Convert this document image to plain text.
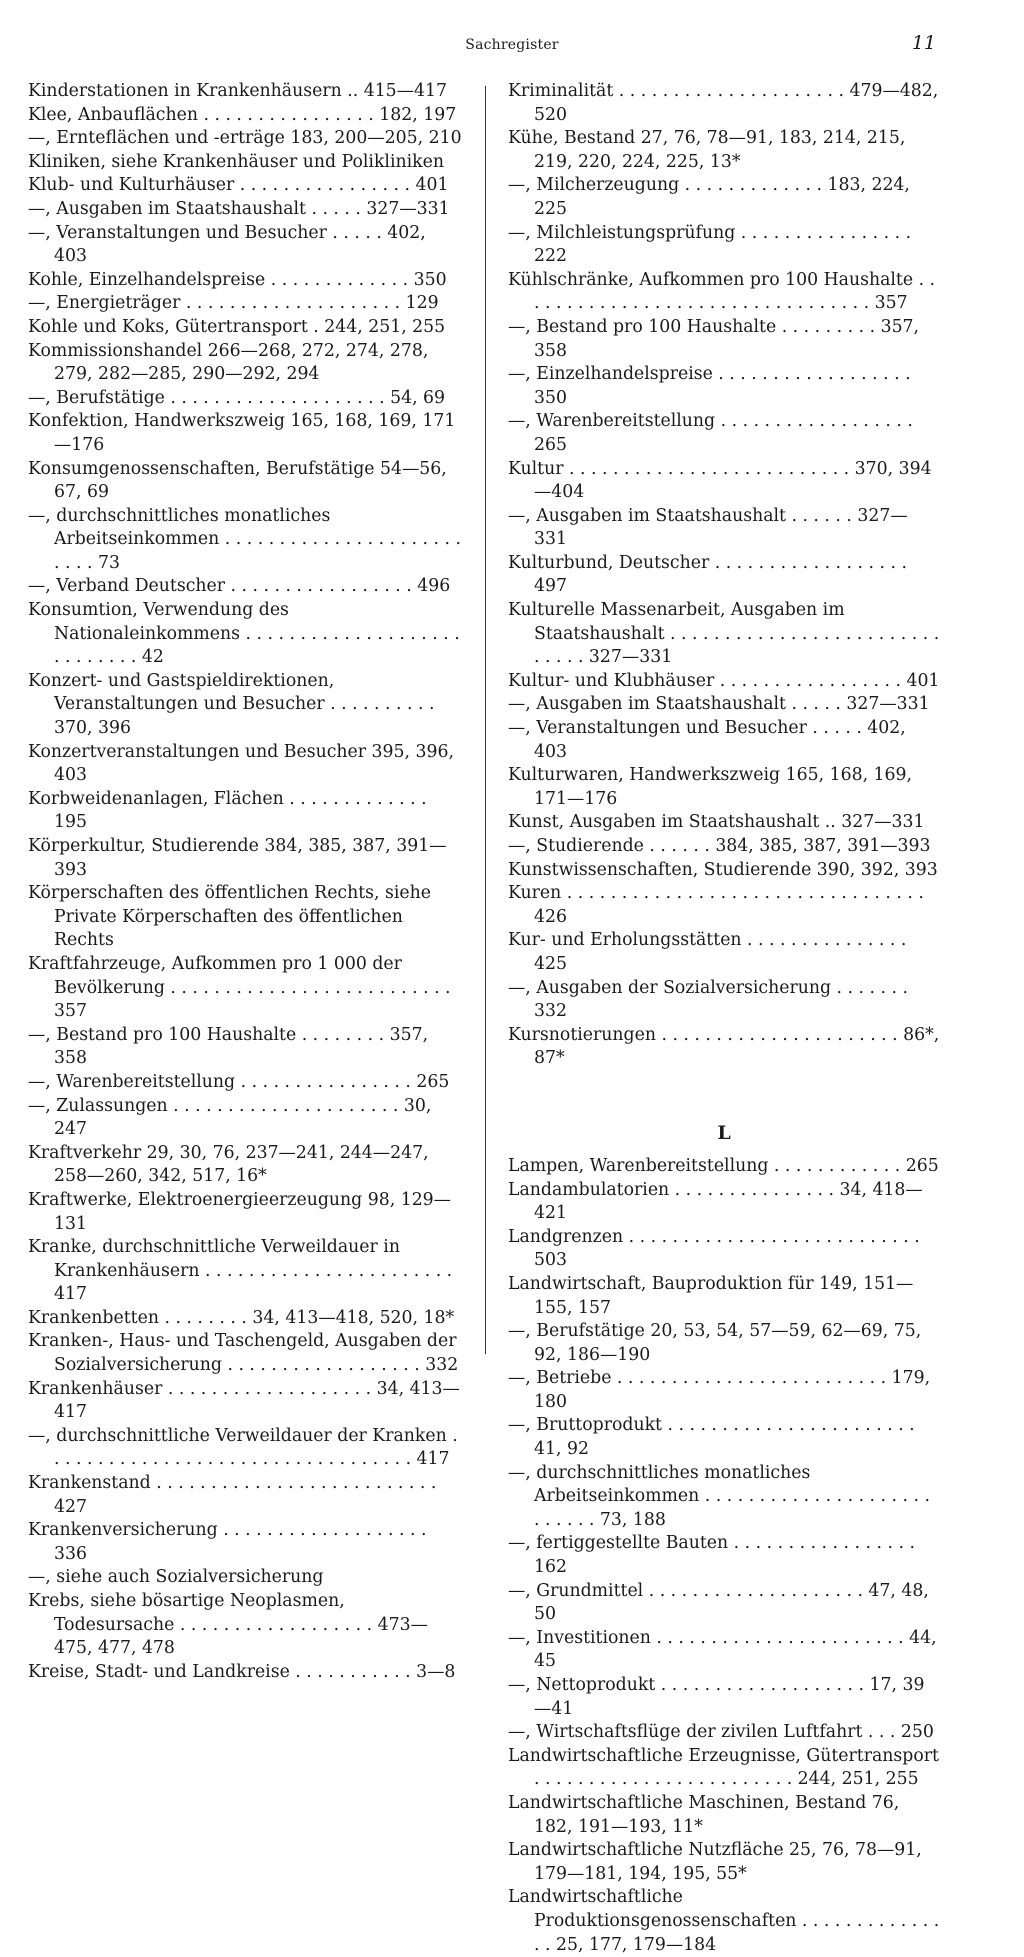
Sachregister	11
Kinderstationen in Krankenhäusern .. 415—417
Klee, Anbauflächen . . . . . . . . . . . . . . . . 182, 197
—, Ernteflächen und -erträge 183, 200—205, 210
Kliniken, siehe Krankenhäuser und Polikliniken
Klub- und Kulturhäuser . . . . . . . . . . . . . . . . 401
—, Ausgaben im Staatshaushalt . . . . . 327—331
—, Veranstaltungen und Besucher . . . . . 402, 403
Kohle, Einzelhandelspreise . . . . . . . . . . . . . 350
—, Energieträger . . . . . . . . . . . . . . . . . . . . 129
Kohle und Koks, Gütertransport . 244, 251, 255
Kommissionshandel 266—268, 272, 274, 278, 279, 282—285, 290—292, 294
—, Berufstätige . . . . . . . . . . . . . . . . . . . . 54, 69
Konfektion, Handwerkszweig 165, 168, 169, 171—176
Konsumgenossenschaften, Berufstätige 54—56, 67, 69
—, durchschnittliches monatliches Arbeitseinkommen . . . . . . . . . . . . . . . . . . . . . . . . . . 73
—, Verband Deutscher . . . . . . . . . . . . . . . . . 496
Konsumtion, Verwendung des Nationaleinkommens . . . . . . . . . . . . . . . . . . . . . . . . . . . . 42
Konzert- und Gastspieldirektionen, Veranstaltungen und Besucher . . . . . . . . . . 370, 396
Konzertveranstaltungen und Besucher 395, 396, 403
Korbweidenanlagen, Flächen . . . . . . . . . . . . . 195
Körperkultur, Studierende 384, 385, 387, 391—393
Körperschaften des öffentlichen Rechts, siehe Private Körperschaften des öffentlichen Rechts
Kraftfahrzeuge, Aufkommen pro 1 000 der Bevölkerung . . . . . . . . . . . . . . . . . . . . . . . . . . 357
—, Bestand pro 100 Haushalte . . . . . . . . 357, 358
—, Warenbereitstellung . . . . . . . . . . . . . . . . 265
—, Zulassungen . . . . . . . . . . . . . . . . . . . . . 30, 247
Kraftverkehr 29, 30, 76, 237—241, 244—247, 258—260, 342, 517, 16*
Kraftwerke, Elektroenergieerzeugung 98, 129—131
Kranke, durchschnittliche Verweildauer in Krankenhäusern . . . . . . . . . . . . . . . . . . . . . . . 417
Krankenbetten . . . . . . . . 34, 413—418, 520, 18*
Kranken-, Haus- und Taschengeld, Ausgaben der Sozialversicherung . . . . . . . . . . . . . . . . . . 332
Krankenhäuser . . . . . . . . . . . . . . . . . . . 34, 413—417
—, durchschnittliche Verweildauer der Kranken . . . . . . . . . . . . . . . . . . . . . . . . . . . . . . . . . . 417
Krankenstand . . . . . . . . . . . . . . . . . . . . . . . . . . 427
Krankenversicherung . . . . . . . . . . . . . . . . . . . 336
—, siehe auch Sozialversicherung
Krebs, siehe bösartige Neoplasmen, Todesursache . . . . . . . . . . . . . . . . . . 473—475, 477, 478
Kreise, Stadt- und Landkreise . . . . . . . . . . . 3—8
Kriminalität . . . . . . . . . . . . . . . . . . . . . 479—482, 520
Kühe, Bestand 27, 76, 78—91, 183, 214, 215, 219, 220, 224, 225, 13*
—, Milcherzeugung . . . . . . . . . . . . . 183, 224, 225
—, Milchleistungsprüfung . . . . . . . . . . . . . . . . 222
Kühlschränke, Aufkommen pro 100 Haushalte . . . . . . . . . . . . . . . . . . . . . . . . . . . . . . . . . 357
—, Bestand pro 100 Haushalte . . . . . . . . . 357, 358
—, Einzelhandelspreise . . . . . . . . . . . . . . . . . . 350
—, Warenbereitstellung . . . . . . . . . . . . . . . . . . 265
Kultur . . . . . . . . . . . . . . . . . . . . . . . . . . 370, 394—404
—, Ausgaben im Staatshaushalt . . . . . . 327—331
Kulturbund, Deutscher . . . . . . . . . . . . . . . . . . 497
Kulturelle Massenarbeit, Ausgaben im Staatshaushalt . . . . . . . . . . . . . . . . . . . . . . . . . . . . . . 327—331
Kultur- und Klubhäuser . . . . . . . . . . . . . . . . . 401
—, Ausgaben im Staatshaushalt . . . . . 327—331
—, Veranstaltungen und Besucher . . . . . 402, 403
Kulturwaren, Handwerkszweig 165, 168, 169, 171—176
Kunst, Ausgaben im Staatshaushalt .. 327—331
—, Studierende . . . . . . 384, 385, 387, 391—393
Kunstwissenschaften, Studierende 390, 392, 393
Kuren . . . . . . . . . . . . . . . . . . . . . . . . . . . . . . . . . 426
Kur- und Erholungsstätten . . . . . . . . . . . . . . . 425
—, Ausgaben der Sozialversicherung . . . . . . . 332
Kursnotierungen . . . . . . . . . . . . . . . . . . . . . . 86*, 87*
L
Lampen, Warenbereitstellung . . . . . . . . . . . . 265
Landambulatorien . . . . . . . . . . . . . . . 34, 418—421
Landgrenzen . . . . . . . . . . . . . . . . . . . . . . . . . . . 503
Landwirtschaft, Bauproduktion für 149, 151—155, 157
—, Berufstätige 20, 53, 54, 57—59, 62—69, 75, 92, 186—190
—, Betriebe . . . . . . . . . . . . . . . . . . . . . . . . . 179, 180
—, Bruttoprodukt . . . . . . . . . . . . . . . . . . . . . . . 41, 92
—, durchschnittliches monatliches Arbeitseinkommen . . . . . . . . . . . . . . . . . . . . . . . . . . . 73, 188
—, fertiggestellte Bauten . . . . . . . . . . . . . . . . . 162
—, Grundmittel . . . . . . . . . . . . . . . . . . . . 47, 48, 50
—, Investitionen . . . . . . . . . . . . . . . . . . . . . . . 44, 45
—, Nettoprodukt . . . . . . . . . . . . . . . . . . . 17, 39—41
—, Wirtschaftsflüge der zivilen Luftfahrt . . . 250
Landwirtschaftliche Erzeugnisse, Gütertransport . . . . . . . . . . . . . . . . . . . . . . . . 244, 251, 255
Landwirtschaftliche Maschinen, Bestand 76, 182, 191—193, 11*
Landwirtschaftliche Nutzfläche 25, 76, 78—91, 179—181, 194, 195, 55*
Landwirtschaftliche Produktionsgenossenschaften . . . . . . . . . . . . . . . 25, 177, 179—184
